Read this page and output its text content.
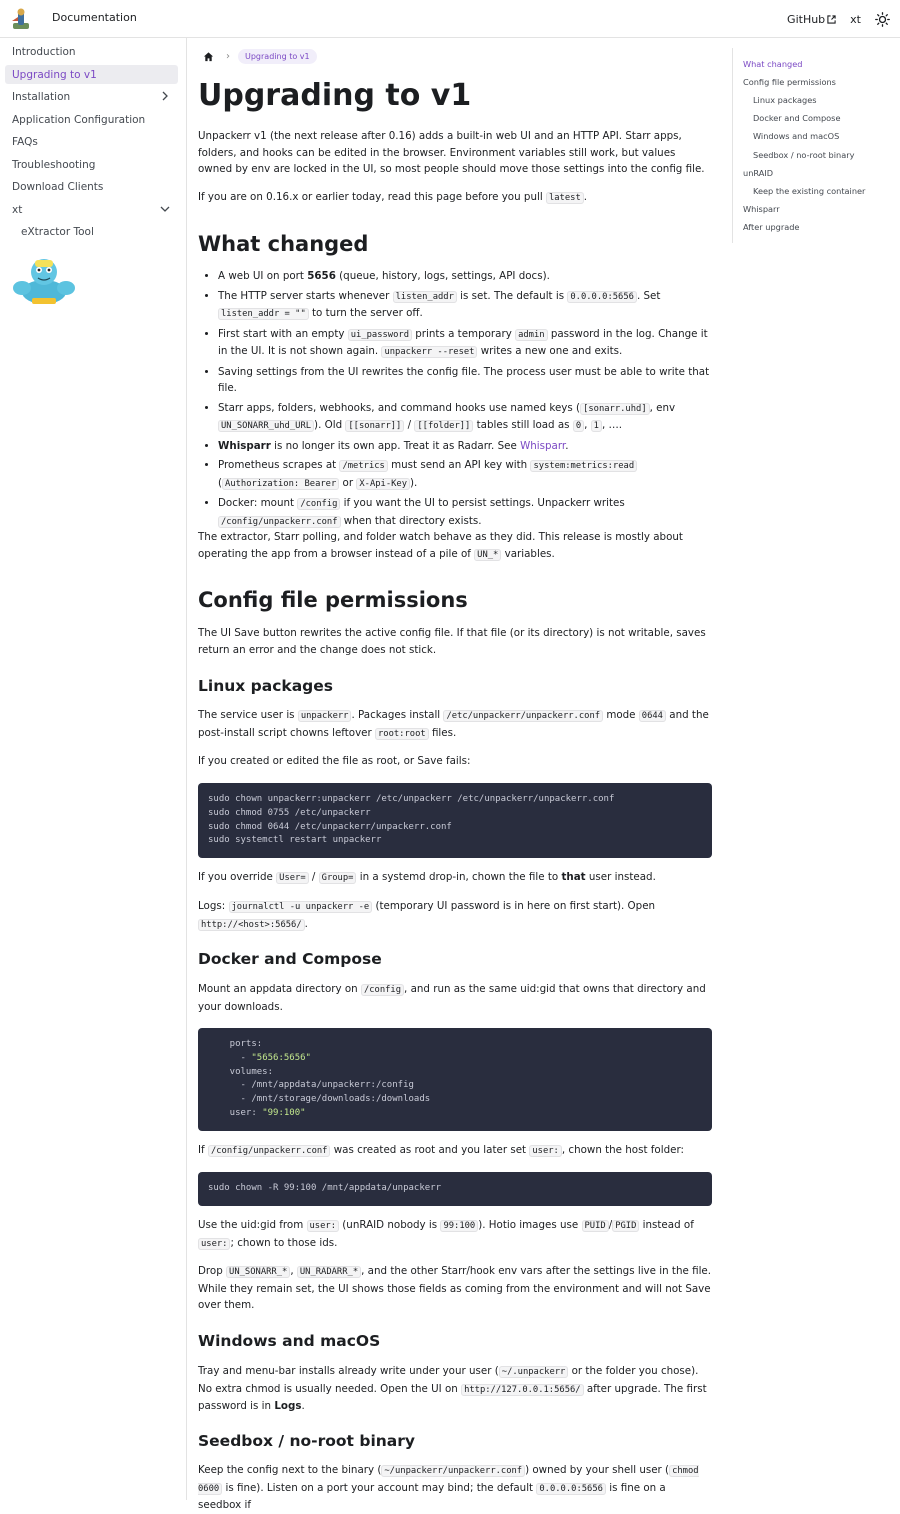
Documentation	GitHub xt
Introduction
Upgrading to v1
Installation
Application Configuration
FAQs
Troubleshooting
Download Clients
xt
eXtractor Tool
›	Upgrading to v1
Upgrading to v1

Unpackerr v1 (the next release after 0.16) adds a built-in web UI and an HTTP API. Starr apps, folders, and hooks can be edited in the browser. Environment variables still work, but values owned by env are locked in the UI, so most people should move those settings into the config file.

If you are on 0.16.x or earlier today, read this page before you pull latest .

What changed
• A web UI on port 5656 (queue, history, logs, settings, API docs).
• The HTTP server starts whenever listen_addr is set. The default is 0.0.0.0:5656 . Set listen_addr = "" to turn the server off.
• First start with an empty ui_password prints a temporary admin password in the log. Change it in the UI. It is not shown again. unpackerr --reset writes a new one and exits.
• Saving settings from the UI rewrites the config file. The process user must be able to write that file.
• Starr apps, folders, webhooks, and command hooks use named keys ( [sonarr.uhd] , env UN_SONARR_uhd_URL ). Old [[sonarr]] / [[folder]] tables still load as 0 , 1 , ….
• Whisparr is no longer its own app. Treat it as Radarr. See Whisparr.
• Prometheus scrapes at /metrics must send an API key with system:metrics:read ( Authorization: Bearer or X-Api-Key ).
• Docker: mount /config if you want the UI to persist settings. Unpackerr writes /config/unpackerr.conf when that directory exists.

The extractor, Starr polling, and folder watch behave as they did. This release is mostly about operating the app from a browser instead of a pile of UN_* variables.

Config file permissions

The UI Save button rewrites the active config file. If that file (or its directory) is not writable, saves return an error and the change does not stick.

Linux packages

The service user is unpackerr . Packages install /etc/unpackerr/unpackerr.conf mode 0644 and the post-install script chowns leftover root:root files.

If you created or edited the file as root, or Save fails:

sudo chown unpackerr:unpackerr /etc/unpackerr /etc/unpackerr/unpackerr.conf
sudo chmod 0755 /etc/unpackerr
sudo chmod 0644 /etc/unpackerr/unpackerr.conf
sudo systemctl restart unpackerr

If you override User= / Group= in a systemd drop-in, chown the file to that user instead.

Logs: journalctl -u unpackerr -e (temporary UI password is in here on first start). Open http://<host>:5656/ .

Docker and Compose

Mount an appdata directory on /config , and run as the same uid:gid that owns that directory and your downloads.

ports:
- "5656:5656"
volumes:
- /mnt/appdata/unpackerr:/config
- /mnt/storage/downloads:/downloads
user: "99:100"

If /config/unpackerr.conf was created as root and you later set user: , chown the host folder:

sudo chown -R 99:100 /mnt/appdata/unpackerr

Use the uid:gid from user: (unRAID nobody is 99:100 ). Hotio images use PUID / PGID instead of user: ; chown to those ids.

Drop UN_SONARR_* , UN_RADARR_* , and the other Starr/hook env vars after the settings live in the file. While they remain set, the UI shows those fields as coming from the environment and will not Save over them.

Windows and macOS

Tray and menu-bar installs already write under your user ( ~/.unpackerr or the folder you chose). No extra chmod is usually needed. Open the UI on http://127.0.0.1:5656/ after upgrade. The first password is in Logs.

Seedbox / no-root binary

Keep the config next to the binary ( ~/unpackerr/unpackerr.conf ) owned by your shell user ( chmod 0600 is fine). Listen on a port your account may bind; the default 0.0.0.0:5656 is fine on a seedbox if

What changed
Config file permissions
Linux packages
Docker and Compose
Windows and macOS
Seedbox / no-root binary
unRAID
Keep the existing container
Whisparr
After upgrade
